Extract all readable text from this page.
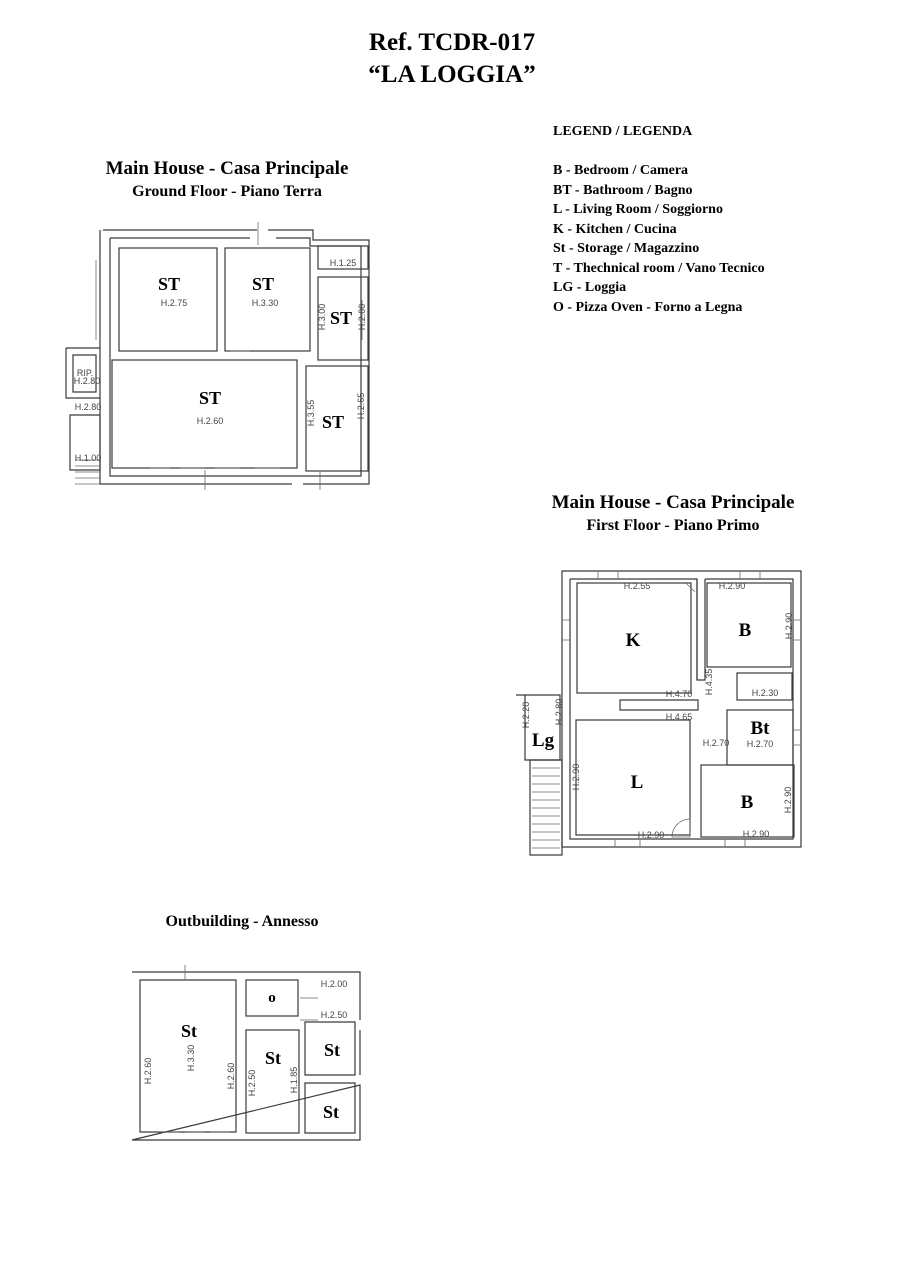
Ref. TCDR-017
“LA LOGGIA”
LEGEND / LEGENDA
B - Bedroom / Camera
BT - Bathroom / Bagno
L - Living Room / Soggiorno
K - Kitchen / Cucina
St - Storage / Magazzino
T - Thechnical room / Vano Tecnico
LG - Loggia
O - Pizza Oven - Forno a Legna
Main House - Casa Principale
Ground Floor - Piano Terra
Main House - Casa Principale
First Floor - Piano Primo
Outbuilding - Annesso
ST	ST
ST
ST
ST
H.2.75	H.3.30
H.1.25
H.3.00	H.2.00
RIP.
H.2.80
H.2.80
H.2.60	H.3.55	H.2.65
H.1.00
K	B
Bt
Lg
L
B
H.2.55	H.2.90
H.2.90
H.4.70 H.4.35	H.2.30
H.2.20	H.2.80	H.4.65
H.2.70 H.2.70
H.2.90
H.2.90
H.2.90	H.2.90
St
o
St St
St
H.2.00
H.2.50
H.3.30
H.2.60	H.2.60 H.2.50	H.1.85
